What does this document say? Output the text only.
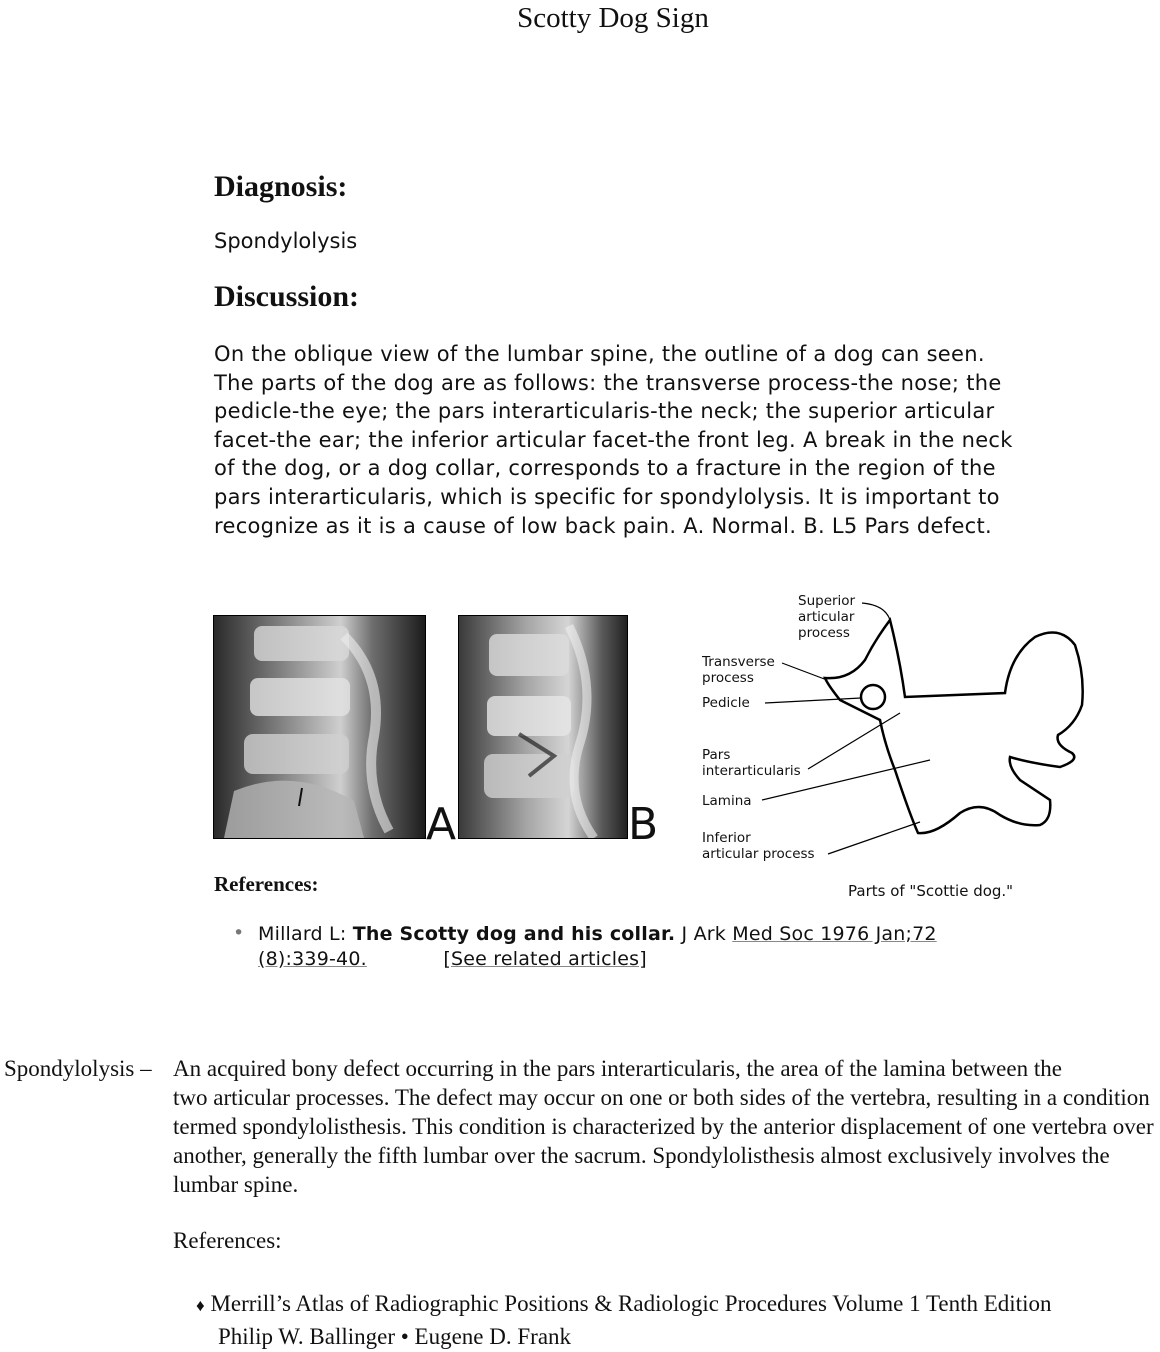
Scotty Dog Sign
Diagnosis:
Spondylolysis
Discussion:
On the oblique view of the lumbar spine, the outline of a dog can seen. The parts of the dog are as follows: the transverse process-the nose; the pedicle-the eye; the pars interarticularis-the neck; the superior articular facet-the ear; the inferior articular facet-the front leg. A break in the neck of the dog, or a dog collar, corresponds to a fracture in the region of the pars interarticularis, which is specific for spondylolysis. It is important to recognize as it is a cause of low back pain. A. Normal. B. L5 Pars defect.
A	B
Superior
articular
process
Transverse
process
Pedicle
Pars
interarticularis
Lamina
Inferior
articular process
Parts of "Scottie dog."
References:
• Millard L: The Scotty dog and his collar. J Ark Med Soc 1976 Jan;72 (8):339-40.	[See related articles]
Spondylolysis – An acquired bony defect occurring in the pars interarticularis, the area of the lamina between the
two articular processes. The defect may occur on one or both sides of the vertebra, resulting in a condition termed spondylolisthesis. This condition is characterized by the anterior displacement of one vertebra over another, generally the fifth lumbar over the sacrum. Spondylolisthesis almost exclusively involves the lumbar spine.
References:
♦ Merrill’s Atlas of Radiographic Positions & Radiologic Procedures Volume 1 Tenth Edition
Philip W. Ballinger • Eugene D. Frank
